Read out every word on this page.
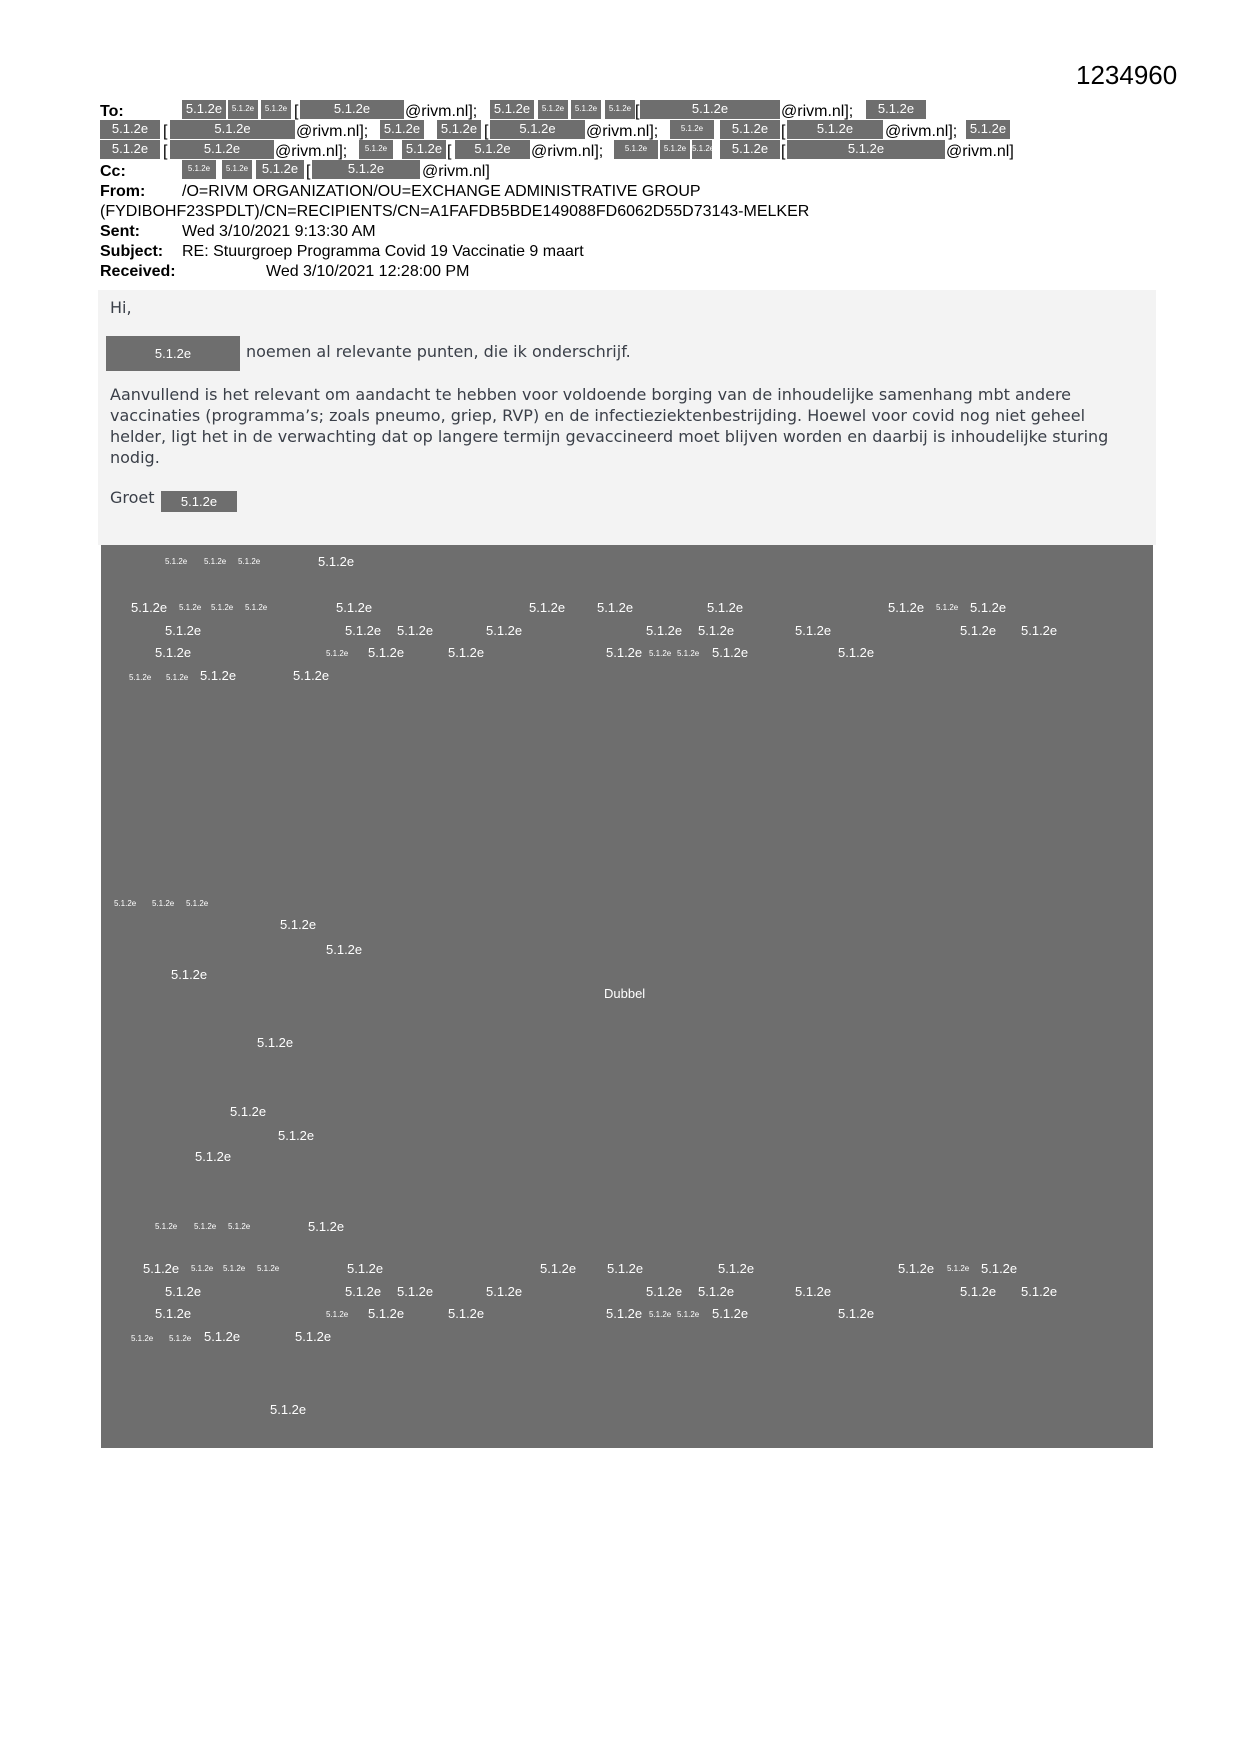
1234960
To:	5.1.2e	5.1.2e	5.1.2e [	5.1.2e	@rivm.nl];	5.1.2e	5.1.2e	5.1.2e	5.1.2e [	5.1.2e	@rivm.nl];	5.1.2e
5.1.2e [	5.1.2e	@rivm.nl];	5.1.2e	5.1.2e [	5.1.2e	@rivm.nl];	5.1.2e	5.1.2e [	5.1.2e	@rivm.nl]; 5.1.2e
5.1.2e [	5.1.2e	@rivm.nl];	5.1.2e	5.1.2e [	5.1.2e	@rivm.nl];	5.1.2e	5.1.2e 5.1.2e	5.1.2e [	5.1.2e	@rivm.nl]
Cc:	5.1.2e	5.1.2e	5.1.2e [	5.1.2e	@rivm.nl]
From: /O=RIVM ORGANIZATION/OU=EXCHANGE ADMINISTRATIVE GROUP
(FYDIBOHF23SPDLT)/CN=RECIPIENTS/CN=A1FAFDB5BDE149088FD6062D55D73143-MELKER
Sent:	Wed 3/10/2021 9:13:30 AM
Subject: RE: Stuurgroep Programma Covid 19 Vaccinatie 9 maart
Received:	Wed 3/10/2021 12:28:00 PM
Hi,
5.1.2e	noemen al relevante punten, die ik onderschrijf.
Aanvullend is het relevant om aandacht te hebben voor voldoende borging van de inhoudelijke samenhang mbt andere vaccinaties (programma’s; zoals pneumo, griep, RVP) en de infectieziektenbestrijding. Hoewel voor covid nog niet geheel helder, ligt het in de verwachting dat op langere termijn gevaccineerd moet blijven worden en daarbij is inhoudelijke sturing nodig.
Groet	5.1.2e
5.1.2e 5.1.2e 5.1.2e	5.1.2e
5.1.2e 5.1.2e 5.1.2e 5.1.2e	5.1.2e	5.1.2e 5.1.2e	5.1.2e	5.1.2e 5.1.2e 5.1.2e
5.1.2e	5.1.2e 5.1.2e	5.1.2e	5.1.2e 5.1.2e	5.1.2e	5.1.2e 5.1.2e
5.1.2e	5.1.2e 5.1.2e	5.1.2e	5.1.2e 5.1.2e 5.1.2e 5.1.2e	5.1.2e
5.1.2e 5.1.2e 5.1.2e	5.1.2e
5.1.2e 5.1.2e 5.1.2e
5.1.2e
5.1.2e
5.1.2e
Dubbel
5.1.2e
5.1.2e
5.1.2e
5.1.2e
5.1.2e 5.1.2e 5.1.2e	5.1.2e
5.1.2e 5.1.2e 5.1.2e 5.1.2e	5.1.2e	5.1.2e 5.1.2e	5.1.2e	5.1.2e 5.1.2e 5.1.2e
5.1.2e	5.1.2e 5.1.2e	5.1.2e	5.1.2e 5.1.2e	5.1.2e	5.1.2e 5.1.2e
5.1.2e	5.1.2e 5.1.2e	5.1.2e	5.1.2e 5.1.2e 5.1.2e 5.1.2e	5.1.2e
5.1.2e 5.1.2e 5.1.2e	5.1.2e
5.1.2e
